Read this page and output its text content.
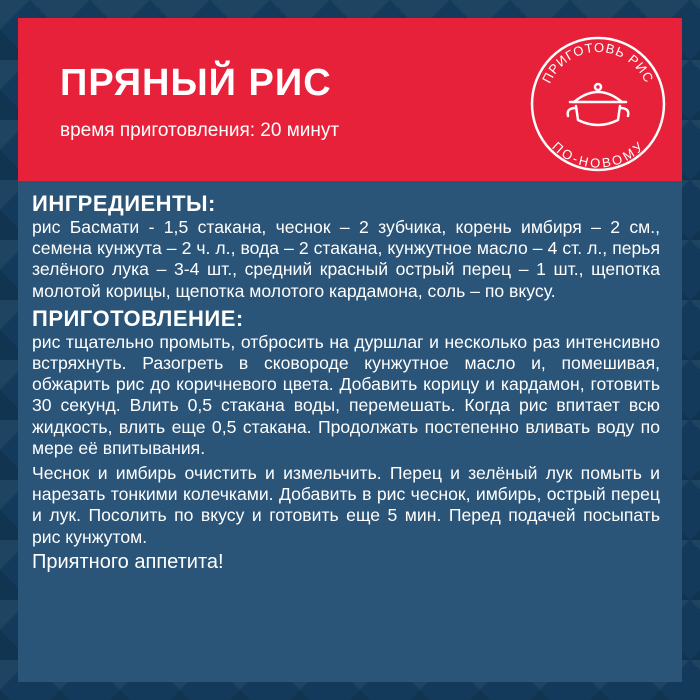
ПРЯНЫЙ РИС
время приготовления: 20 минут
ПРИГОТОВЬ РИС
ПО-НОВОМУ
ИНГРЕДИЕНТЫ:

рис Басмати - 1,5 стакана, чеснок – 2 зубчика, корень имбиря – 2 см., семена кунжута – 2 ч. л., вода – 2 стакана, кунжутное масло – 4 ст. л., перья зелёного лука – 3-4 шт., средний красный острый перец – 1 шт., щепотка молотой корицы, щепотка молотого кардамона, соль – по вкусу.

ПРИГОТОВЛЕНИЕ:

рис тщательно промыть, отбросить на дуршлаг и несколько раз интенсивно встряхнуть. Разогреть в сковороде кунжутное масло и, помешивая, обжарить рис до коричневого цвета. Добавить корицу и кардамон, готовить 30 секунд. Влить 0,5 стакана воды, перемешать. Когда рис впитает всю жидкость, влить еще 0,5 стакана. Продолжать постепенно вливать воду по мере её впитывания.

Чеснок и имбирь очистить и измельчить. Перец и зелёный лук помыть и нарезать тонкими колечками. Добавить в рис чеснок, имбирь, острый перец и лук. Посолить по вкусу и готовить еще 5 мин. Перед подачей посыпать рис кунжутом.

Приятного аппетита!
